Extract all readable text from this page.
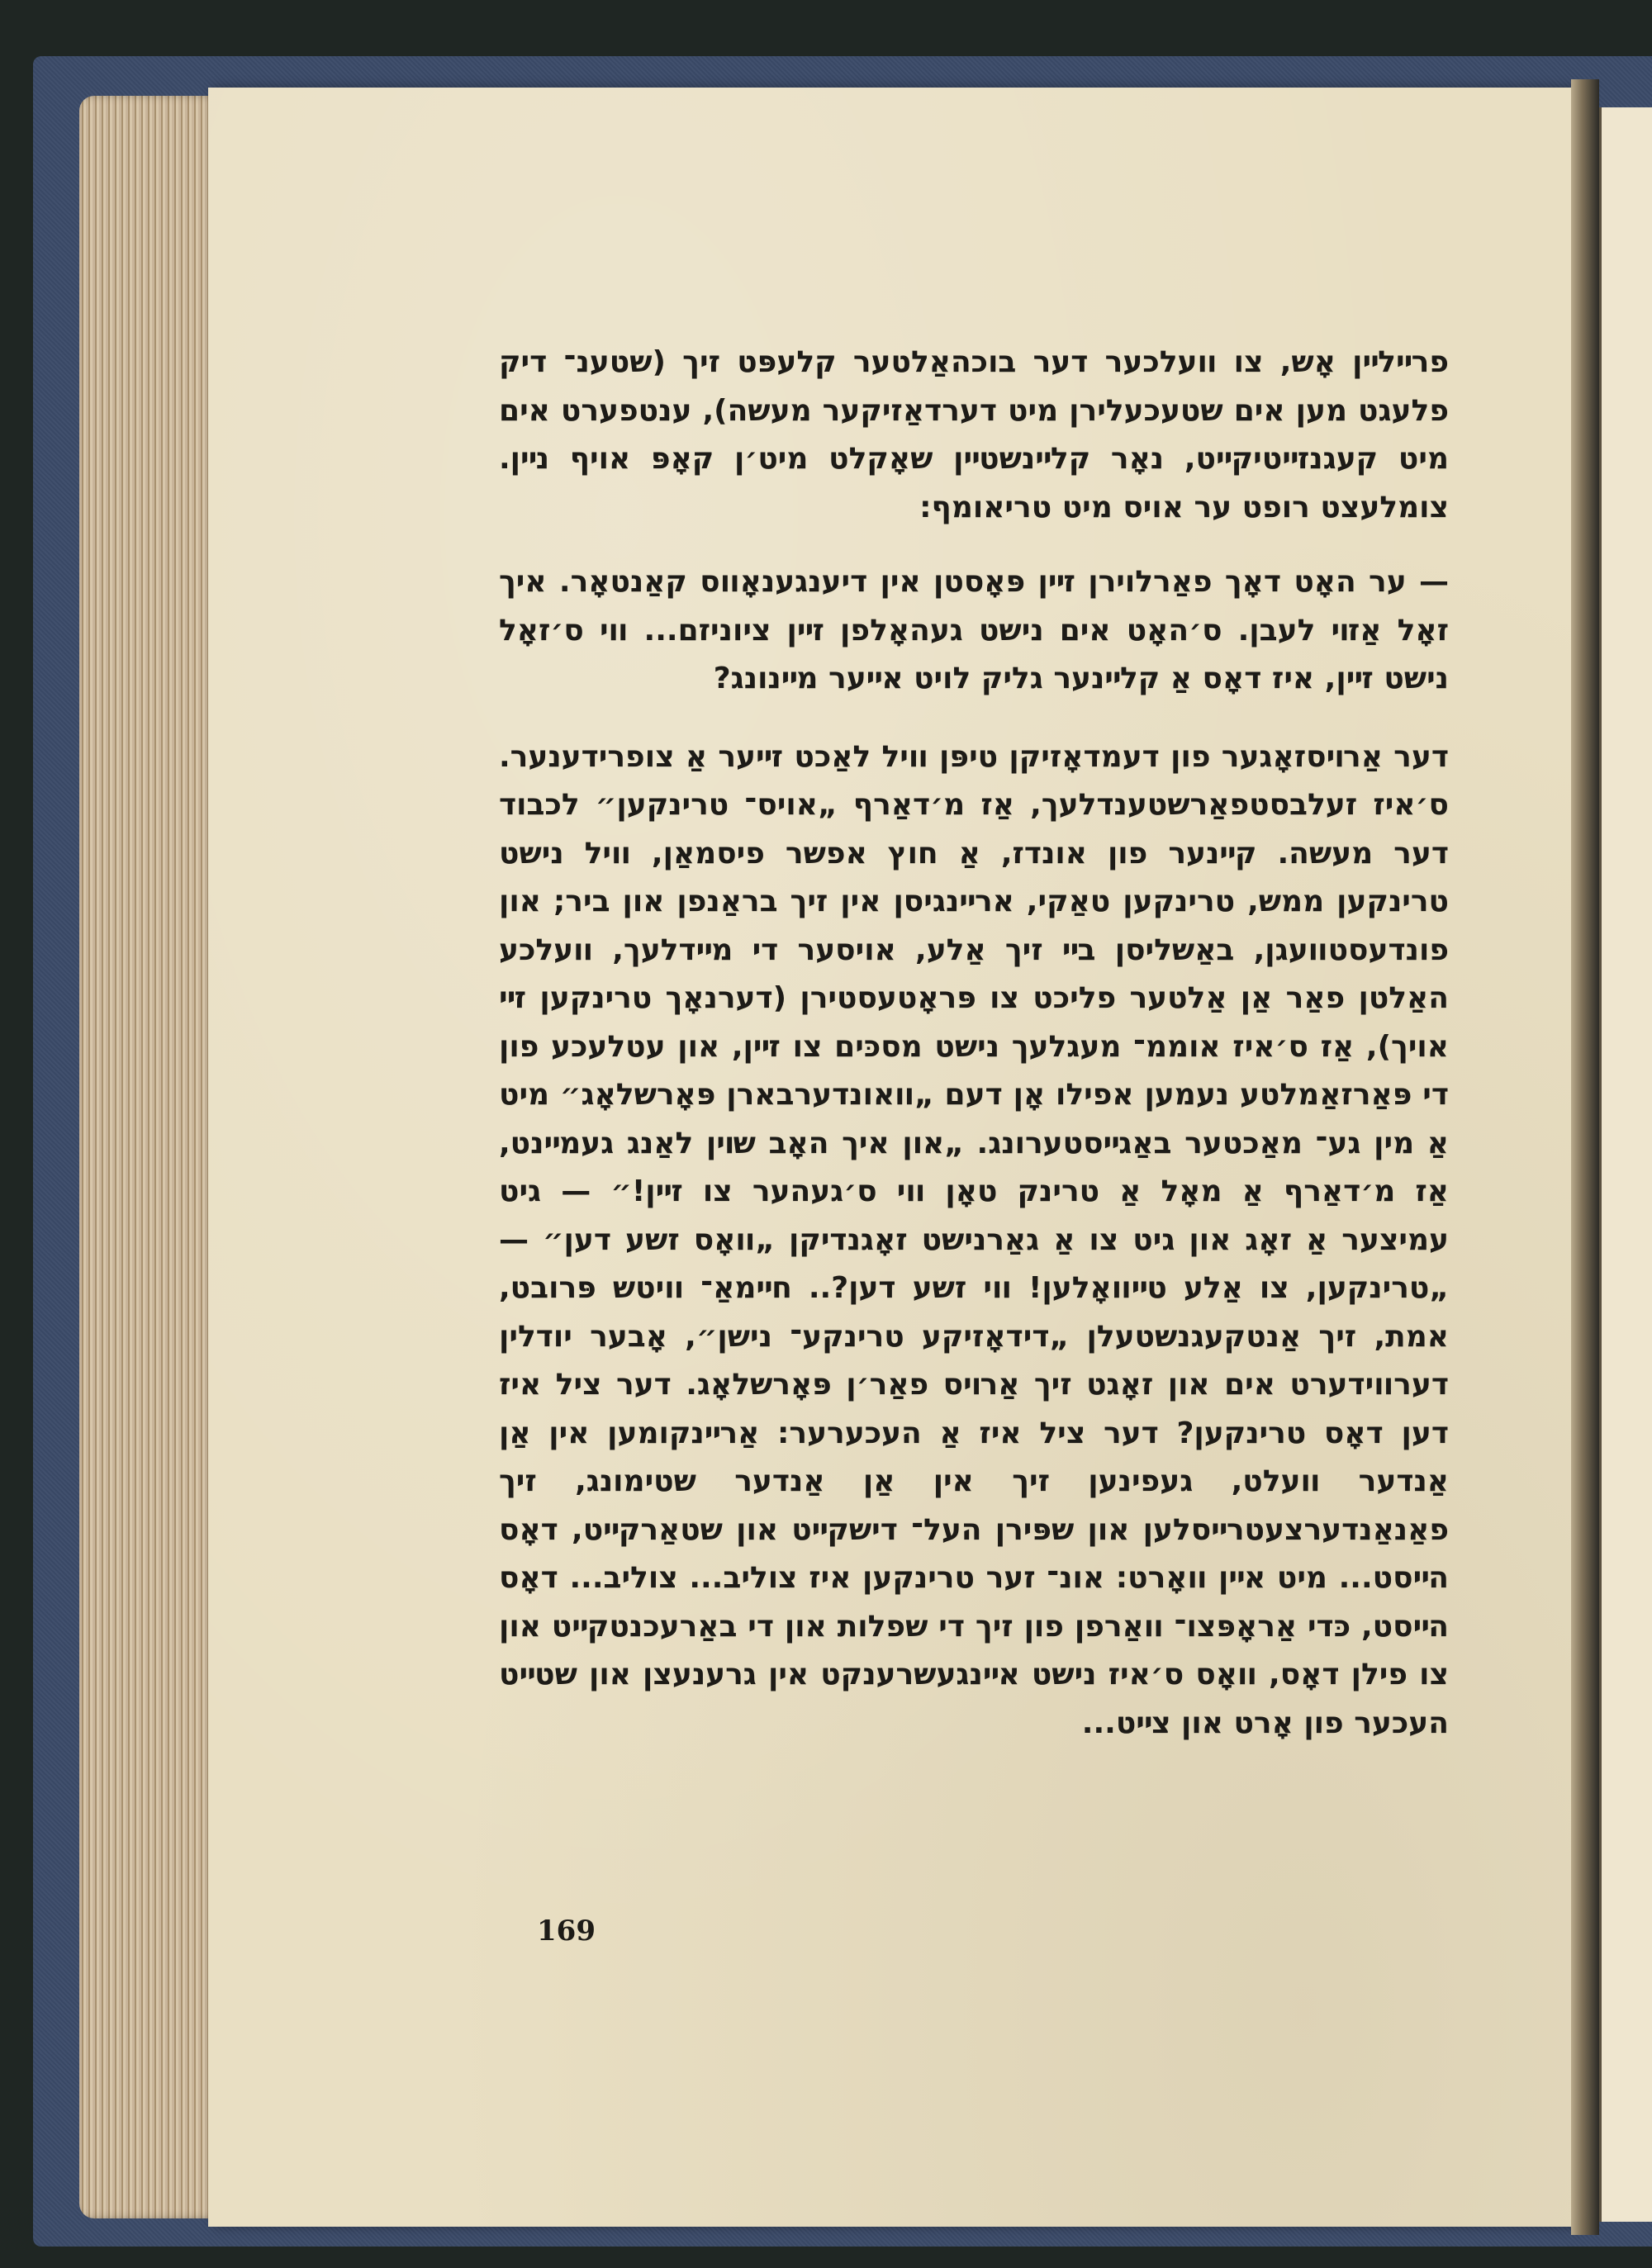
פרײלײן אָש, צו װעלכער דער בוכהאַלטער קלעפּט זיך (שטענ־ דיק פלעגט מען אים שטעכעלירן מיט דערדאַזיקער מעשה), ענטפערט אים מיט קעגנזײטיקײט, נאָר קלײנשטײן שאָקלט מיט׳ן קאָפּ אויף נײן. צומלעצט רופט ער אויס מיט טריאומף:

— ער האָט דאָך פאַרלוירן זײן פּאָסטן אין דיענגענאָװס קאַנטאָר. איך זאָל אַזױ לעבן. ס׳האָט אים נישט געהאָלפן זײן ציוניזם... װי ס׳זאָל נישט זײן, איז דאָס אַ קלײנער גליק לויט אײער מײנונג?

דער אַרױסזאָגער פון דעמדאָזיקן טיפּן װיל לאַכט זײער אַ צופרידענער. ס׳איז זעלבסטפאַרשטענדלעך, אַז מ׳דאַרף „אויס־ טרינקען״ לכבוד דער מעשה. קײנער פון אונדז, אַ חוץ אפשר פיסמאַן, װיל נישט טרינקען ממש, טרינקען טאַקי, ארײנגיסן אין זיך בראַנפן און ביר; און פונדעסטװעגן, באַשליסן בײ זיך אַלע, אויסער די מײדלעך, װעלכע האַלטן פאַר אַן אַלטער פליכט צו פּראָטעסטירן (דערנאָך טרינקען זײ אויך), אַז ס׳איז אוממ־ מעגלעך נישט מסכּים צו זײן, און עטלעכע פון די פּאַרזאַמלטע נעמען אפילו אָן דעם „װאונדערבארן פּאָרשלאָג״ מיט אַ מין גע־ מאַכטער באַגײסטערונג. „און איך האָב שױן לאַנג געמײנט, אַז מ׳דאַרף אַ מאָל אַ טרינק טאָן װי ס׳געהער צו זײן!״ — גיט עמיצער אַ זאָג און גיט צו אַ גאַרנישט זאָגנדיקן „װאָס זשע דען״ — „טרינקען, צו אַלע טײװאָלען! װי זשע דען?.. חײמאַ־ װיטש פּרובט, אמת, זיך אַנטקעגנשטעלן „דידאָזיקע טרינקע־ נישן״, אָבער יודלין דערװידערט אים און זאָגט זיך אַרױס פאַר׳ן פּאָרשלאָג. דער ציל איז דען דאָס טרינקען? דער ציל איז אַ העכערער: אַרײנקומען אין אַן אַנדער װעלט, געפינען זיך אין אַן אַנדער שטימונג, זיך פאַנאַנדערצעטרײסלען און שפּירן העל־ דישקײט און שטאַרקײט, דאָס הײסט... מיט אײן װאָרט: אונ־ זער טרינקען איז צוליב... צוליב... דאָס הײסט, כּדי אַראָפּצו־ װאַרפן פון זיך די שפלות און די באַרעכנטקײט און צו פילן דאָס, װאָס ס׳איז נישט אײנגעשרענקט אין גרענעצן און שטײט העכער פון אָרט און צײט...

169
